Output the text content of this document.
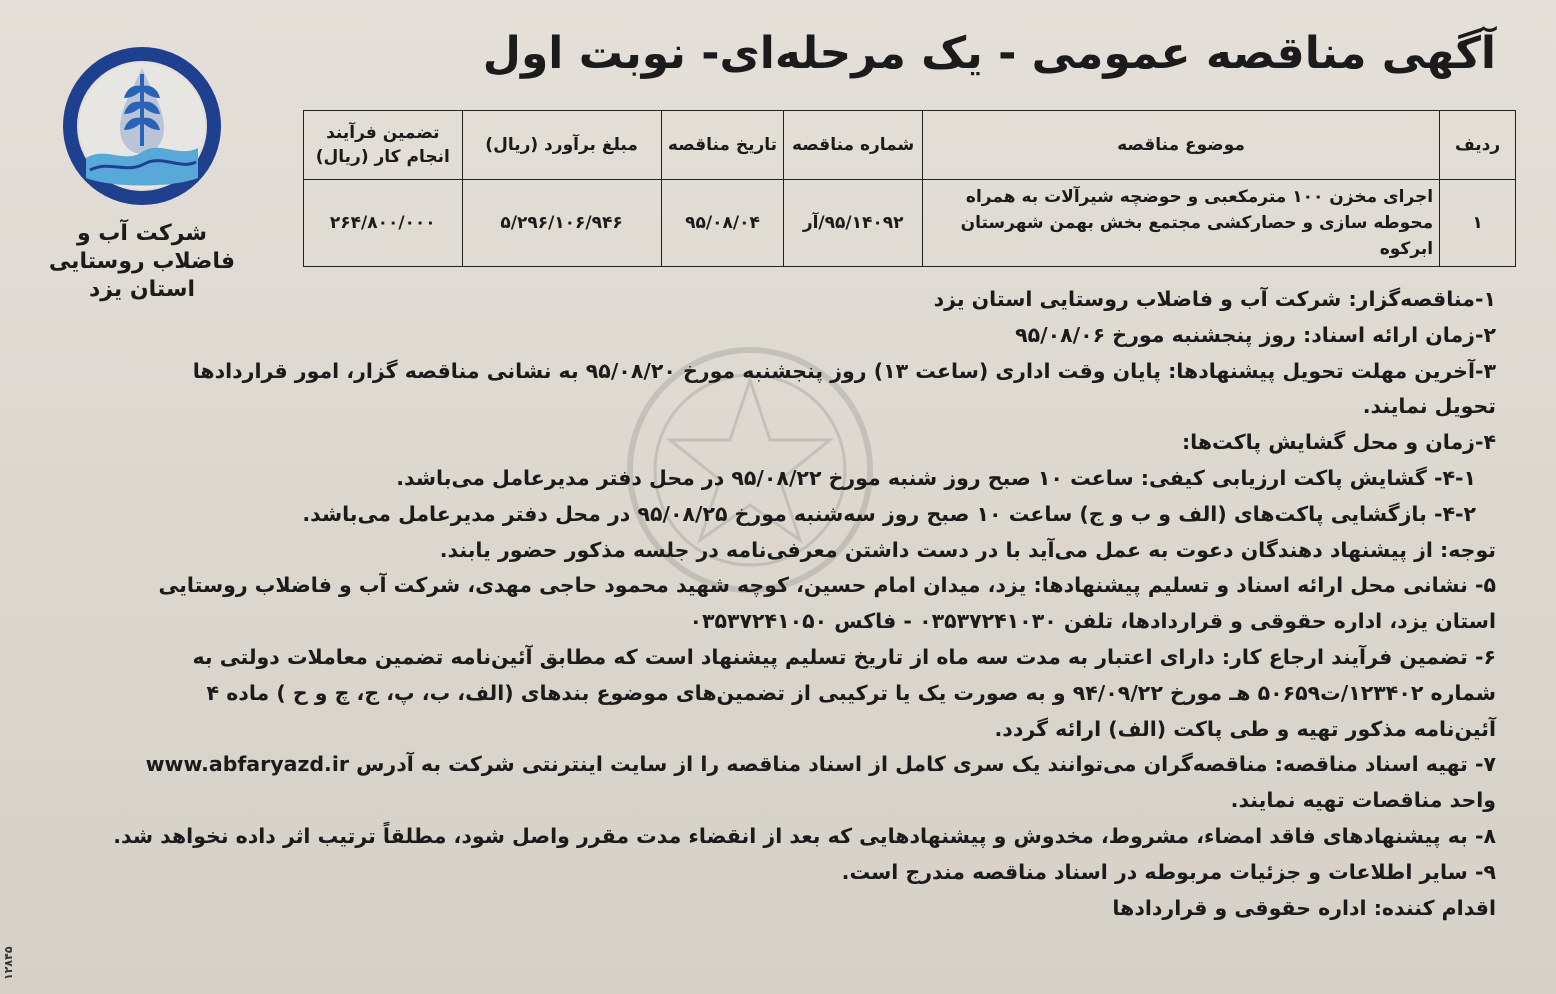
آگهی مناقصه عمومی - یک مرحله‌ای- نوبت اول
شرکت آب و
فاضلاب روستایی
استان یزد
ردیف	موضوع مناقصه	شماره مناقصه	تاریخ مناقصه	مبلغ برآورد (ریال)	تضمین فرآیند انجام کار (ریال)
۱	اجرای مخزن ۱۰۰ مترمکعبی و حوضچه شیرآلات به همراه محوطه سازی و حصارکشی مجتمع بخش بهمن شهرستان ابرکوه	۹۵/۱۴۰۹۲/آر	۹۵/۰۸/۰۴	۵/۲۹۶/۱۰۶/۹۴۶	۲۶۴/۸۰۰/۰۰۰
۱-مناقصه‌گزار: شرکت آب و فاضلاب روستایی استان یزد
۲-زمان ارائه اسناد: روز پنجشنبه مورخ ۹۵/۰۸/۰۶
۳-آخرین مهلت تحویل پیشنهادها: پایان وقت اداری (ساعت ۱۳) روز پنجشنبه مورخ ۹۵/۰۸/۲۰ به نشانی مناقصه گزار، امور قراردادها
تحویل نمایند.
۴-زمان و محل گشایش پاکت‌ها:
۴-۱- گشایش پاکت ارزیابی کیفی: ساعت ۱۰ صبح روز شنبه مورخ ۹۵/۰۸/۲۲ در محل دفتر مدیرعامل می‌باشد.
۴-۲- بازگشایی پاکت‌های (الف و ب و ج) ساعت ۱۰ صبح روز سه‌شنبه مورخ ۹۵/۰۸/۲۵ در محل دفتر مدیرعامل می‌باشد.
توجه: از پیشنهاد دهندگان دعوت به عمل می‌آید با در دست داشتن معرفی‌نامه در جلسه مذکور حضور یابند.
۵- نشانی محل ارائه اسناد و تسلیم پیشنهادها: یزد، میدان امام حسین، کوچه شهید محمود حاجی مهدی، شرکت آب و فاضلاب روستایی
استان یزد، اداره حقوقی و قراردادها، تلفن ۰۳۵۳۷۲۴۱۰۳۰ - فاکس ۰۳۵۳۷۲۴۱۰۵۰
۶- تضمین فرآیند ارجاع کار: دارای اعتبار به مدت سه ماه از تاریخ تسلیم پیشنهاد است که مطابق آئین‌نامه تضمین معاملات دولتی به
شماره ۱۲۳۴۰۲/ت۵۰۶۵۹ هـ مورخ ۹۴/۰۹/۲۲ و به صورت یک یا ترکیبی از تضمین‌های موضوع بندهای (الف، ب، پ، ج، چ و ح ) ماده ۴
آئین‌نامه مذکور تهیه و طی پاکت (الف) ارائه گردد.
۷- تهیه اسناد مناقصه: مناقصه‌گران می‌توانند یک سری کامل از اسناد مناقصه را از سایت اینترنتی شرکت به آدرس www.abfaryazd.ir
واحد مناقصات تهیه نمایند.
۸- به پیشنهادهای فاقد امضاء، مشروط، مخدوش و پیشنهادهایی که بعد از انقضاء مدت مقرر واصل شود، مطلقاً ترتیب اثر داده نخواهد شد.
۹- سایر اطلاعات و جزئیات مربوطه در اسناد مناقصه مندرج است.
اقدام کننده: اداره حقوقی و قراردادها
۱۲۸۴۵
